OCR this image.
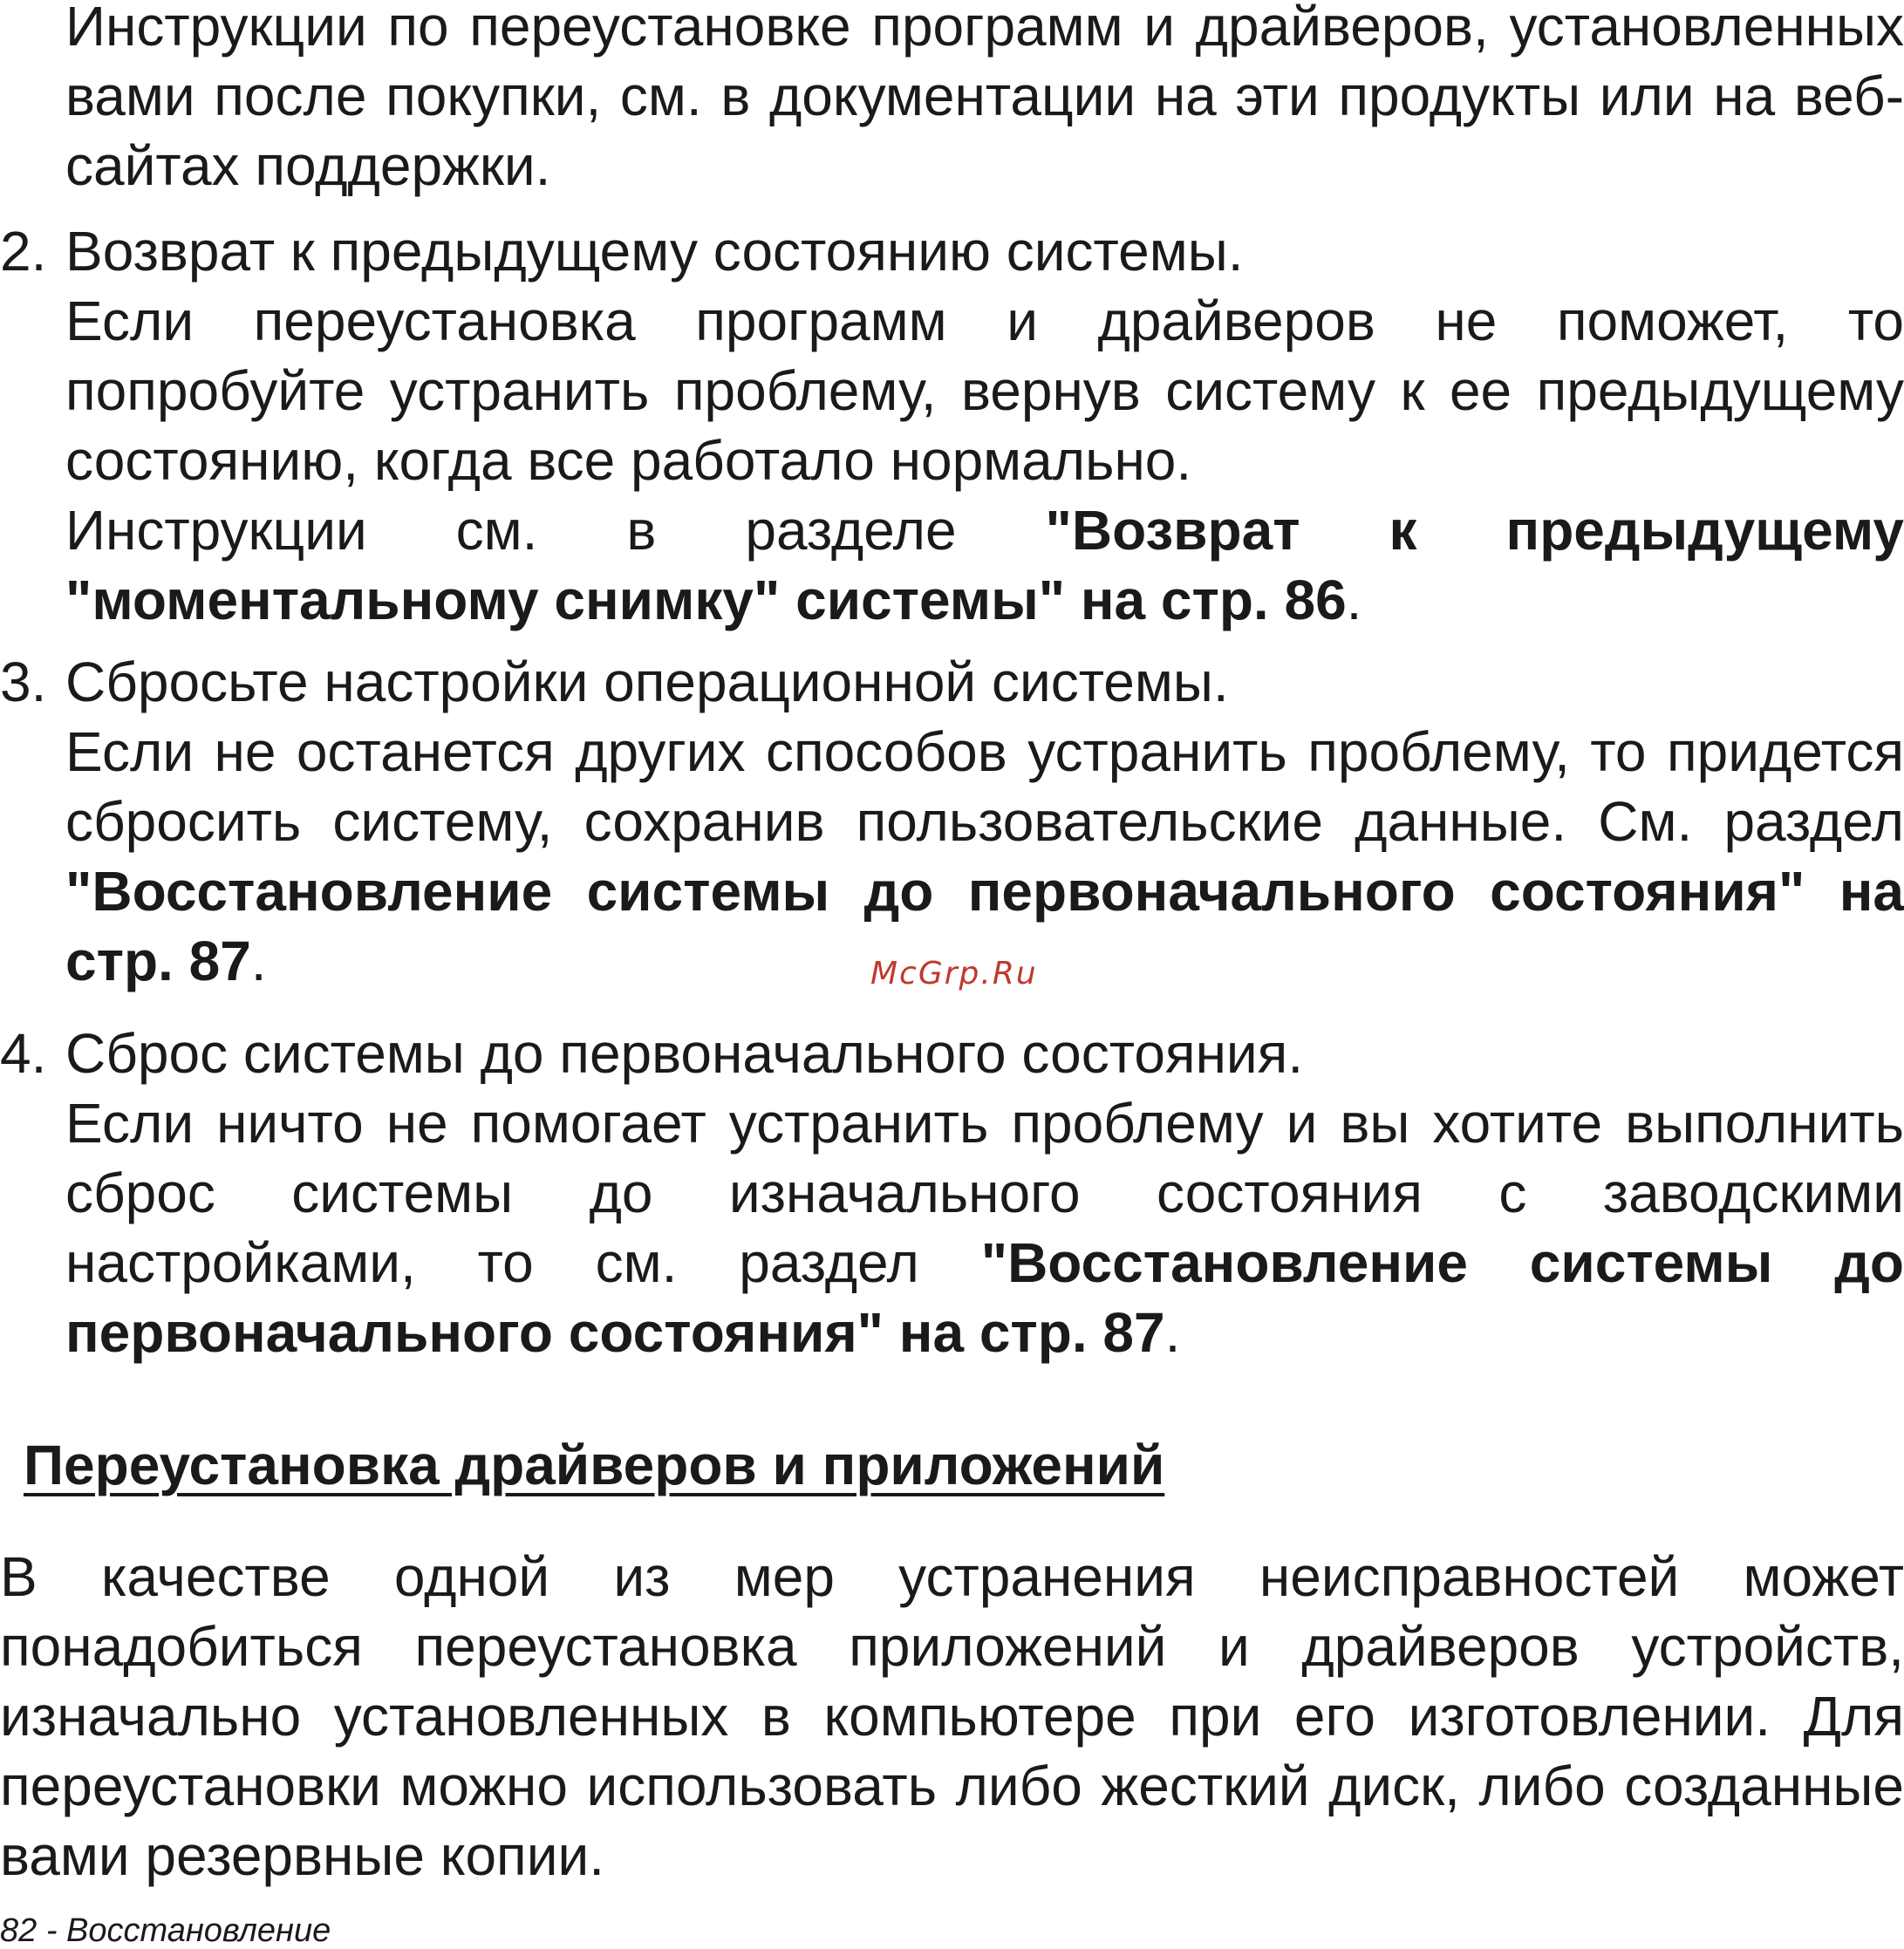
Инструкции по переустановке программ и драйверов, установленных вами после покупки, см. в документации на эти продукты или на веб-сайтах поддержки.

2. Возврат к предыдущему состоянию системы.

Если переустановка программ и драйверов не поможет, то попробуйте устранить проблему, вернув систему к ее предыдущему состоянию, когда все работало нормально.

Инструкции см. в разделе "Возврат к предыдущему "моментальному снимку" системы" на стр. 86.

3. Сбросьте настройки операционной системы.

Если не останется других способов устранить проблему, то придется сбросить систему, сохранив пользовательские данные. См. раздел "Восстановление системы до первоначального состояния" на стр. 87.	McGrp.Ru

4. Сброс системы до первоначального состояния.

Если ничто не помогает устранить проблему и вы хотите выполнить сброс системы до изначального состояния с заводскими настройками, то см. раздел "Восстановление системы до первоначального состояния" на стр. 87.

Переустановка драйверов и приложений

В качестве одной из мер устранения неисправностей может понадобиться переустановка приложений и драйверов устройств, изначально установленных в компьютере при его изготовлении. Для переустановки можно использовать либо жесткий диск, либо созданные вами резервные копии.

82 - Восстановление
